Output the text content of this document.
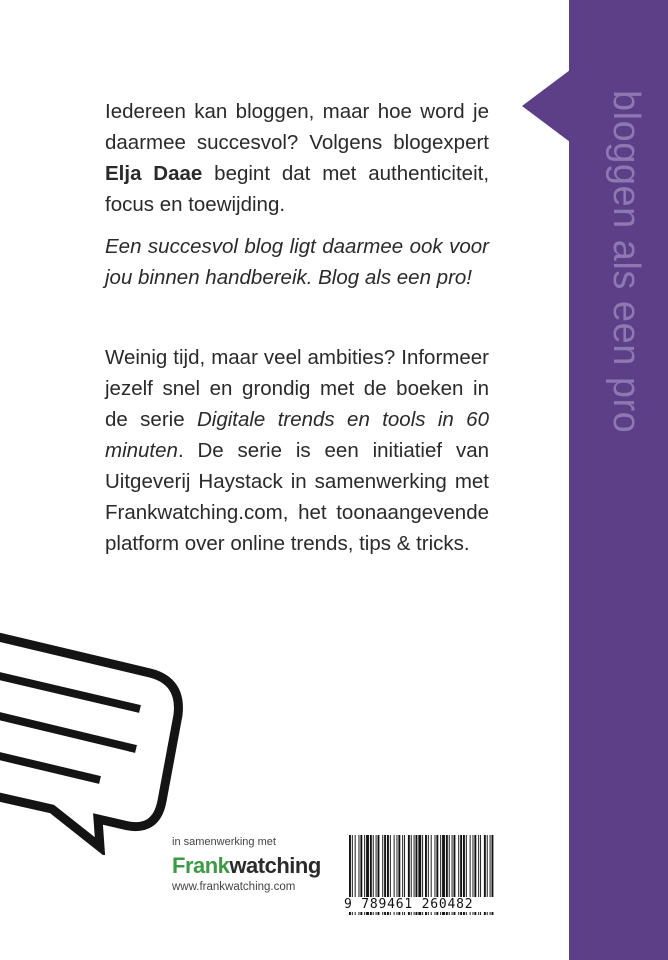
bloggen als een pro

Iedereen kan bloggen, maar hoe word je daarmee succesvol? Volgens blogexpert Elja Daae begint dat met authenticiteit, focus en toewijding.

Een succesvol blog ligt daarmee ook voor jou binnen handbereik. Blog als een pro!

Weinig tijd, maar veel ambities? Informeer jezelf snel en grondig met de boeken in de serie Digitale trends en tools in 60 minuten. De serie is een initiatief van Uitgeverij Haystack in samenwerking met Frankwatching.com, het toonaangevende platform over online trends, tips & tricks.

in samenwerking met
Frankwatching
www.frankwatching.com
9 789461 260482
